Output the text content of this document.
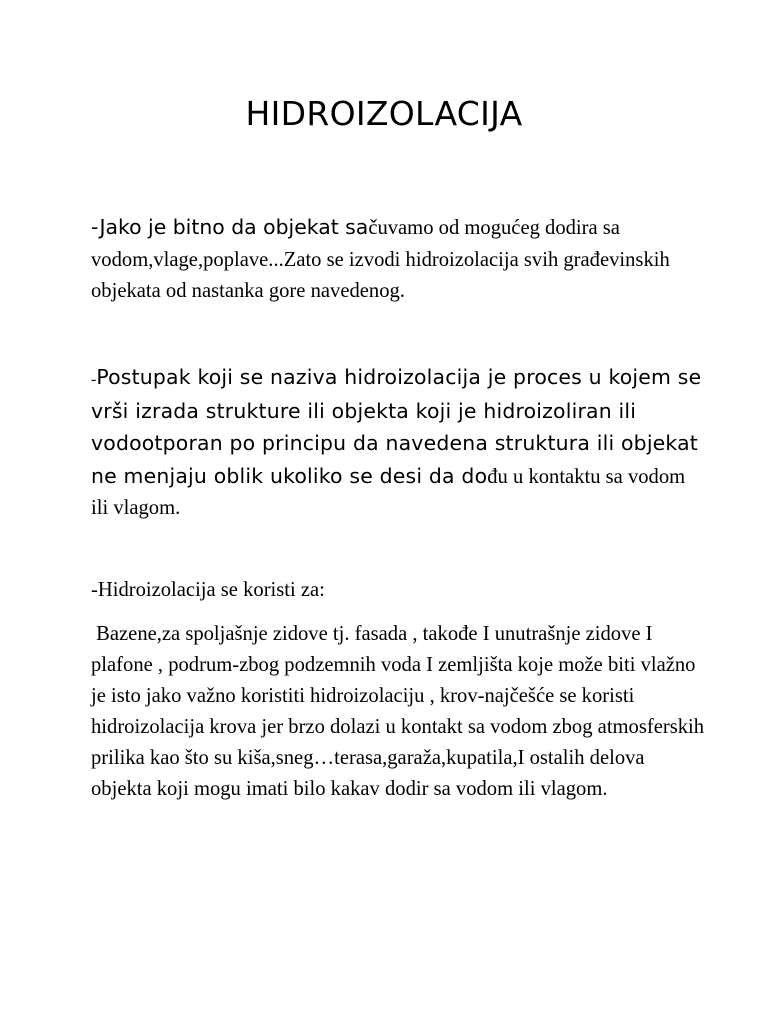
HIDROIZOLACIJA

-Jako je bitno da objekat sačuvamo od mogućeg dodira sa vodom,vlage,poplave...Zato se izvodi hidroizolacija svih građevinskih objekata od nastanka gore navedenog.

-Postupak koji se naziva hidroizolacija je proces u kojem se vrši izrada strukture ili objekta koji je hidroizoliran ili vodootporan po principu da navedena struktura ili objekat ne menjaju oblik ukoliko se desi da dođu u kontaktu sa vodom ili vlagom.

-Hidroizolacija se koristi za:

Bazene,za spoljašnje zidove tj. fasada , takođe I unutrašnje zidove I plafone , podrum-zbog podzemnih voda I zemljišta koje može biti vlažno je isto jako važno koristiti hidroizolaciju , krov-najčešće se koristi hidroizolacija krova jer brzo dolazi u kontakt sa vodom zbog atmosferskih prilika kao što su kiša,sneg…terasa,garaža,kupatila,I ostalih delova objekta koji mogu imati bilo kakav dodir sa vodom ili vlagom.
